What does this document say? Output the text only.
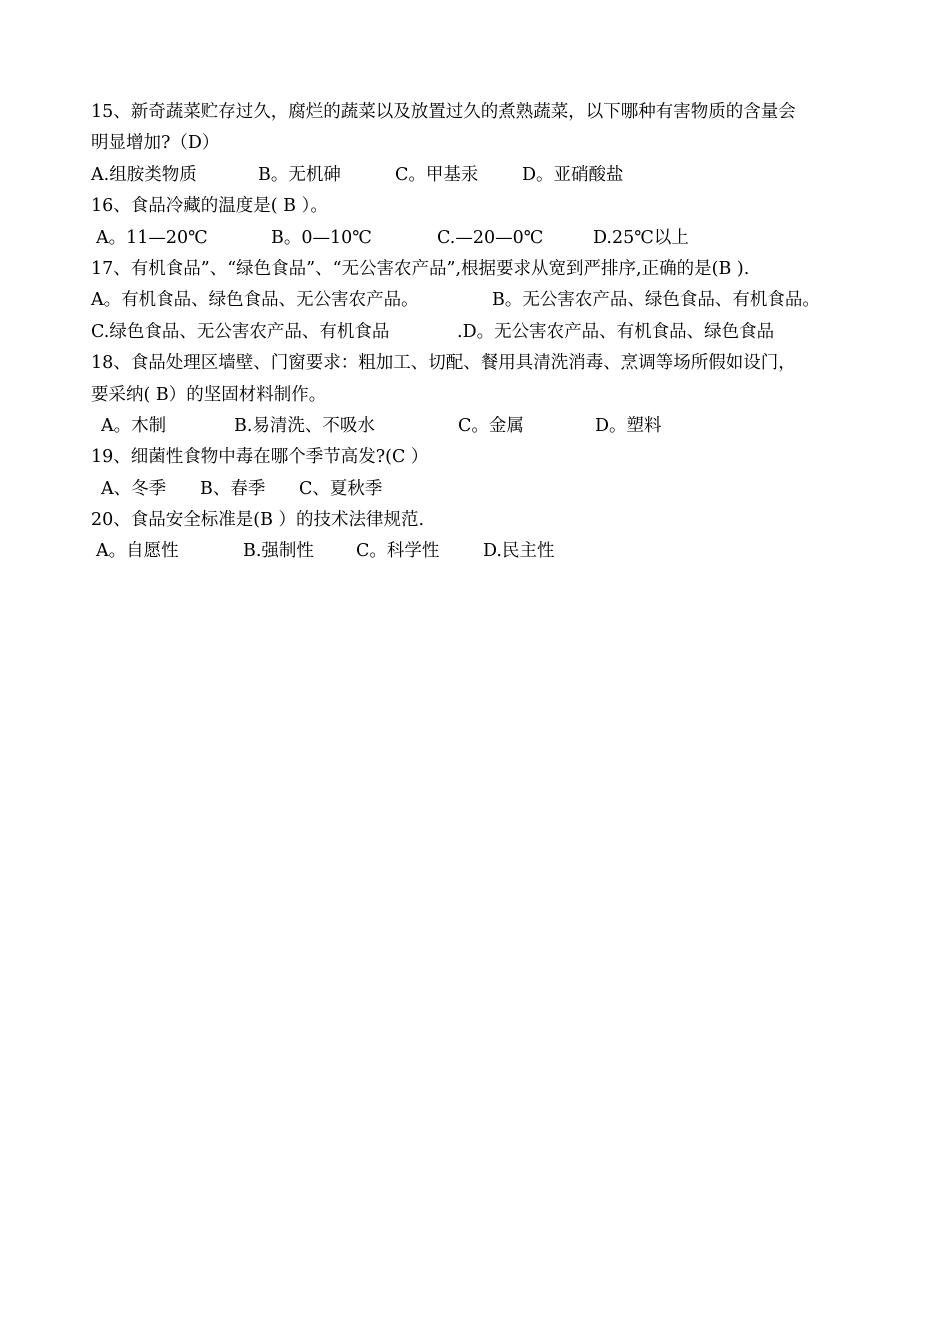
15、新奇蔬菜贮存过久，腐烂的蔬菜以及放置过久的煮熟蔬菜，以下哪种有害物质的含量会
明显增加?（D）
A.组胺类物质	B。无机砷	C。甲基汞	D。亚硝酸盐
16、食品冷藏的温度是( B ）。
A。11—20℃	B。0—10℃	C.—20—0℃	D.25℃以上
17、有机食品”、“绿色食品”、“无公害农产品”,根据要求从宽到严排序,正确的是(B ).
A。有机食品、绿色食品、无公害农产品。	B。无公害农产品、绿色食品、有机食品。
C.绿色食品、无公害农产品、有机食品	.D。无公害农产品、有机食品、绿色食品
18、食品处理区墙壁、门窗要求：粗加工、切配、餐用具清洗消毒、烹调等场所假如设门，
要采纳( B）的坚固材料制作。
A。木制	B.易清洗、不吸水	C。金属	D。塑料
19、细菌性食物中毒在哪个季节高发?(C ）
A、冬季	B、春季	C、夏秋季
20、食品安全标准是(B ）的技术法律规范.
A。自愿性	B.强制性	C。科学性	D.民主性
